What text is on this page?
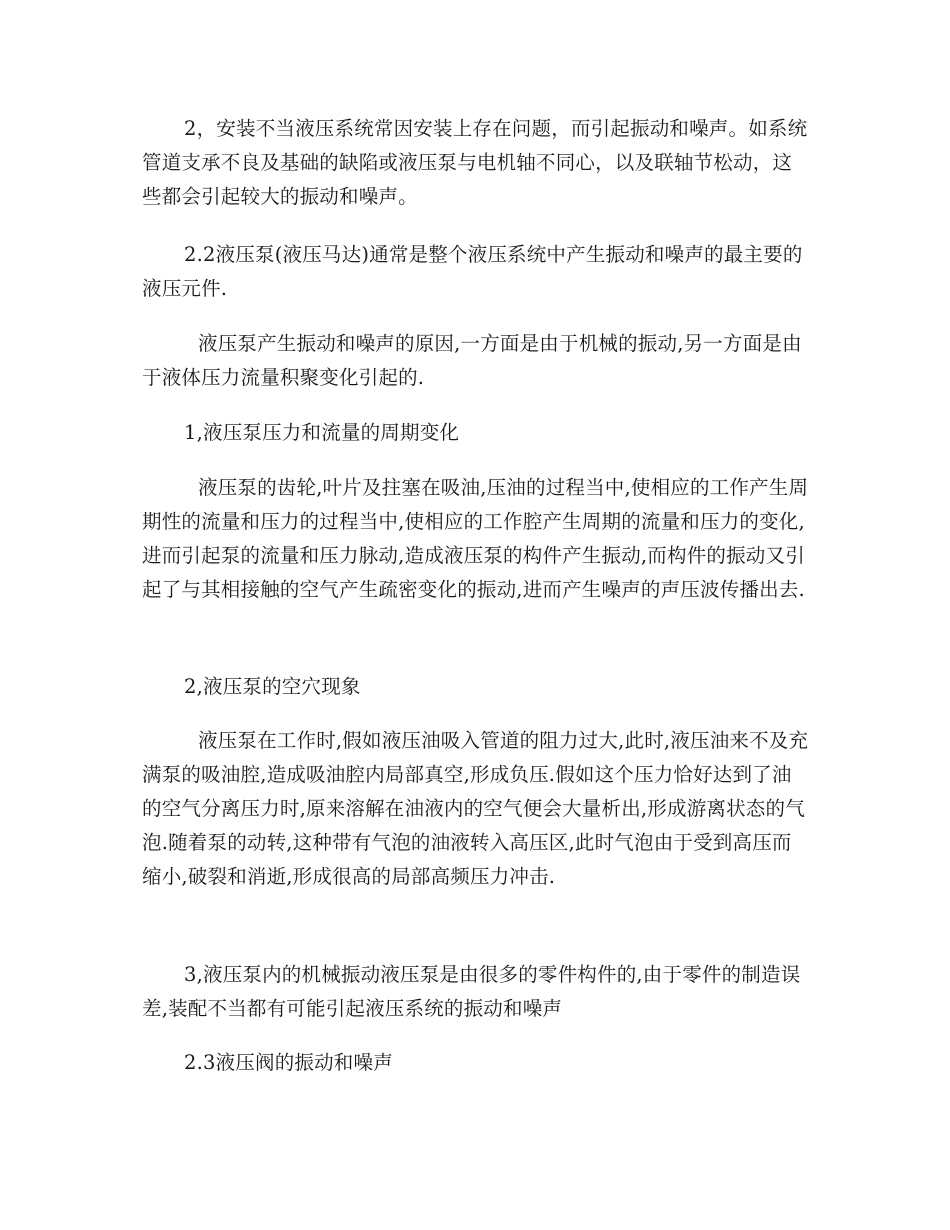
2，安装不当液压系统常因安装上存在问题，而引起振动和噪声。如系统管道支承不良及基础的缺陷或液压泵与电机轴不同心，以及联轴节松动，这些都会引起较大的振动和噪声。

2.2液压泵(液压马达)通常是整个液压系统中产生振动和噪声的最主要的液压元件.

液压泵产生振动和噪声的原因,一方面是由于机械的振动,另一方面是由于液体压力流量积聚变化引起的.

1,液压泵压力和流量的周期变化

液压泵的齿轮,叶片及拄塞在吸油,压油的过程当中,使相应的工作产生周期性的流量和压力的过程当中,使相应的工作腔产生周期的流量和压力的变化,进而引起泵的流量和压力脉动,造成液压泵的构件产生振动,而构件的振动又引起了与其相接触的空气产生疏密变化的振动,进而产生噪声的声压波传播出去.

2,液压泵的空穴现象

液压泵在工作时,假如液压油吸入管道的阻力过大,此时,液压油来不及充满泵的吸油腔,造成吸油腔内局部真空,形成负压.假如这个压力恰好达到了油的空气分离压力时,原来溶解在油液内的空气便会大量析出,形成游离状态的气泡.随着泵的动转,这种带有气泡的油液转入高压区,此时气泡由于受到高压而缩小,破裂和消逝,形成很高的局部高频压力冲击.

3,液压泵内的机械振动液压泵是由很多的零件构件的,由于零件的制造误差,装配不当都有可能引起液压系统的振动和噪声

2.3液压阀的振动和噪声
